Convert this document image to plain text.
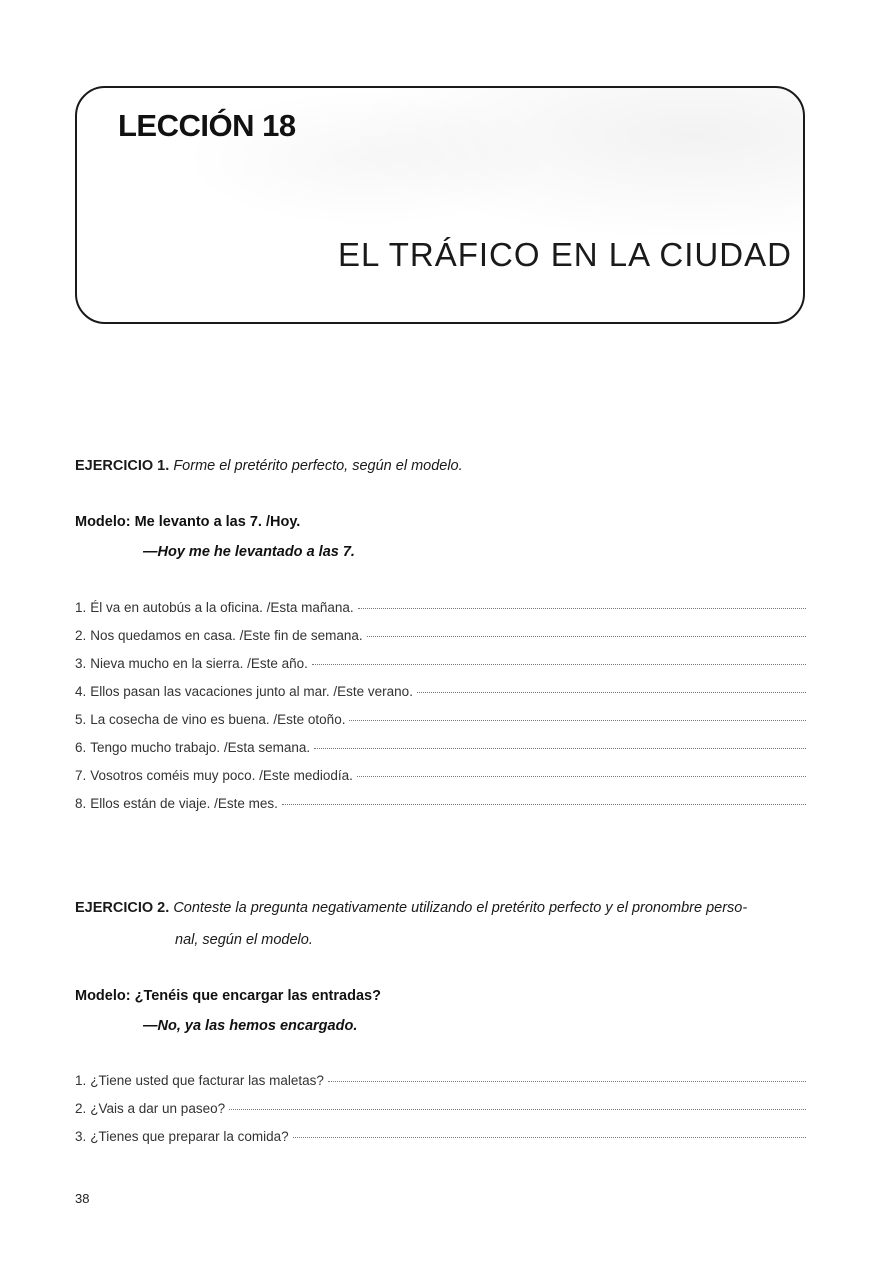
LECCIÓN 18
EL TRÁFICO EN LA CIUDAD
EJERCICIO 1. Forme el pretérito perfecto, según el modelo.
Modelo: Me levanto a las 7. /Hoy.
—Hoy me he levantado a las 7.
1. Él va en autobús a la oficina. /Esta mañana.
2. Nos quedamos en casa. /Este fin de semana.
3. Nieva mucho en la sierra. /Este año.
4. Ellos pasan las vacaciones junto al mar. /Este verano.
5. La cosecha de vino es buena. /Este otoño.
6. Tengo mucho trabajo. /Esta semana.
7. Vosotros coméis muy poco. /Este mediodía.
8. Ellos están de viaje. /Este mes.
EJERCICIO 2. Conteste la pregunta negativamente utilizando el pretérito perfecto y el pronombre perso-
nal, según el modelo.
Modelo: ¿Tenéis que encargar las entradas?
—No, ya las hemos encargado.
1. ¿Tiene usted que facturar las maletas?
2. ¿Vais a dar un paseo?
3. ¿Tienes que preparar la comida?
38
